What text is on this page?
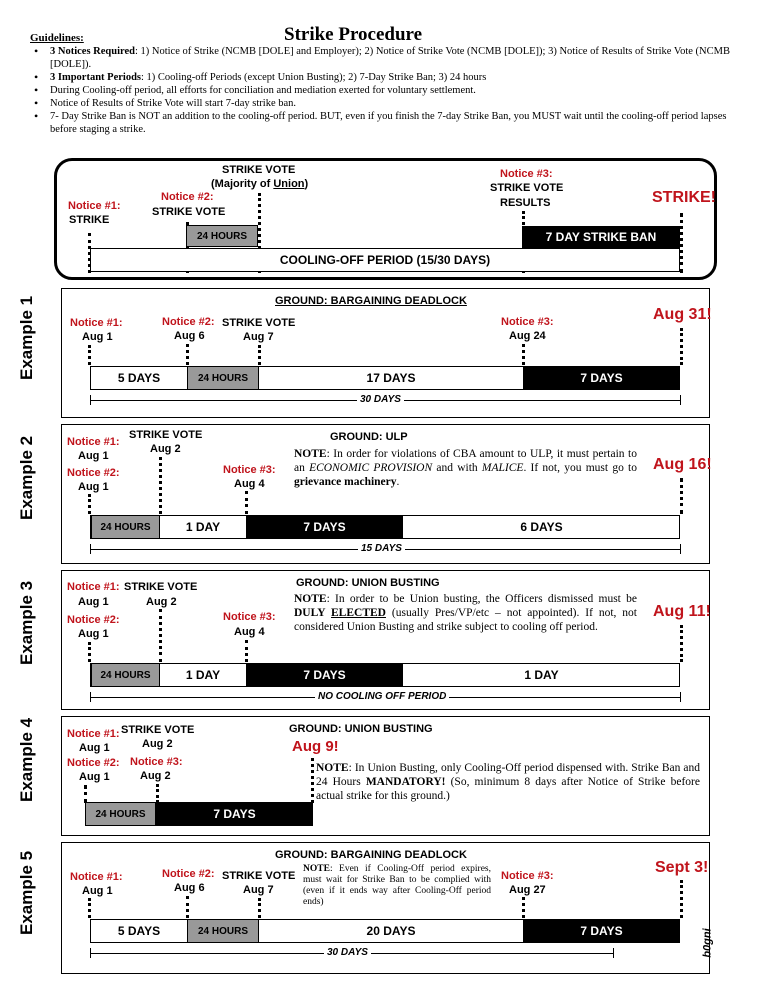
Guidelines:	Strike Procedure
• 3 Notices Required: 1) Notice of Strike (NCMB [DOLE] and Employer); 2) Notice of Strike Vote (NCMB [DOLE]); 3) Notice of Results of Strike Vote (NCMB [DOLE]).
• 3 Important Periods: 1) Cooling-off Periods (except Union Busting); 2) 7-Day Strike Ban; 3) 24 hours
• During Cooling-off period, all efforts for conciliation and mediation exerted for voluntary settlement.
• Notice of Results of Strike Vote will start 7-day strike ban.
• 7- Day Strike Ban is NOT an addition to the cooling-off period. BUT, even if you finish the 7-day Strike Ban, you MUST wait until the cooling-off period lapses before staging a strike.
Notice #1:
STRIKE
Notice #2:
STRIKE VOTE
STRIKE VOTE
(Majority of Union)
Notice #3:
STRIKE VOTE
RESULTS	STRIKE!
24 HOURS	7 DAY STRIKE BAN
COOLING-OFF PERIOD (15/30 DAYS)
Example 1	GROUND: BARGAINING DEADLOCK
Notice #1:
Aug 1
Notice #2:
Aug 6
STRIKE VOTE
Aug 7
Notice #3:
Aug 24
Aug 31!
5 DAYS	24 HOURS	17 DAYS	7 DAYS
30 DAYS
Example 2	GROUND: ULP
Notice #1:
Aug 1
Notice #2:
Aug 1
STRIKE VOTE
Aug 2
Notice #3:
Aug 4
Aug 16!
NOTE: In order for violations of CBA amount to ULP, it must pertain to an ECONOMIC PROVISION and with MALICE. If not, you must go to grievance machinery.
24 HOURS	1 DAY	7 DAYS	6 DAYS
15 DAYS
Example 3	GROUND: UNION BUSTING
Notice #1:
Aug 1
STRIKE VOTE
Aug 2
Notice #2:
Aug 1
Notice #3:
Aug 4
Aug 11!
NOTE: In order to be Union busting, the Officers dismissed must be DULY ELECTED (usually Pres/VP/etc – not appointed). If not, not considered Union Busting and strike subject to cooling off period.
24 HOURS	1 DAY	7 DAYS	1 DAY
NO COOLING OFF PERIOD
Example 4	GROUND: UNION BUSTING
Notice #1:
Aug 1
STRIKE VOTE
Aug 2
Notice #2:
Aug 1
Notice #3:
Aug 2
Aug 9!
NOTE: In Union Busting, only Cooling-Off period dispensed with. Strike Ban and 24 Hours MANDATORY! (So, minimum 8 days after Notice of Strike before actual strike for this ground.)
24 HOURS	7 DAYS
Example 5	GROUND: BARGAINING DEADLOCK
Notice #1:
Aug 1
Notice #2:
Aug 6
STRIKE VOTE
Aug 7
Notice #3:
Aug 27
Sept 3!
NOTE: Even if Cooling-Off period expires, must wait for Strike Ban to be complied with (even if it ends way after Cooling-Off period ends)
5 DAYS	24 HOURS	20 DAYS	7 DAYS
30 DAYS	b0gni
